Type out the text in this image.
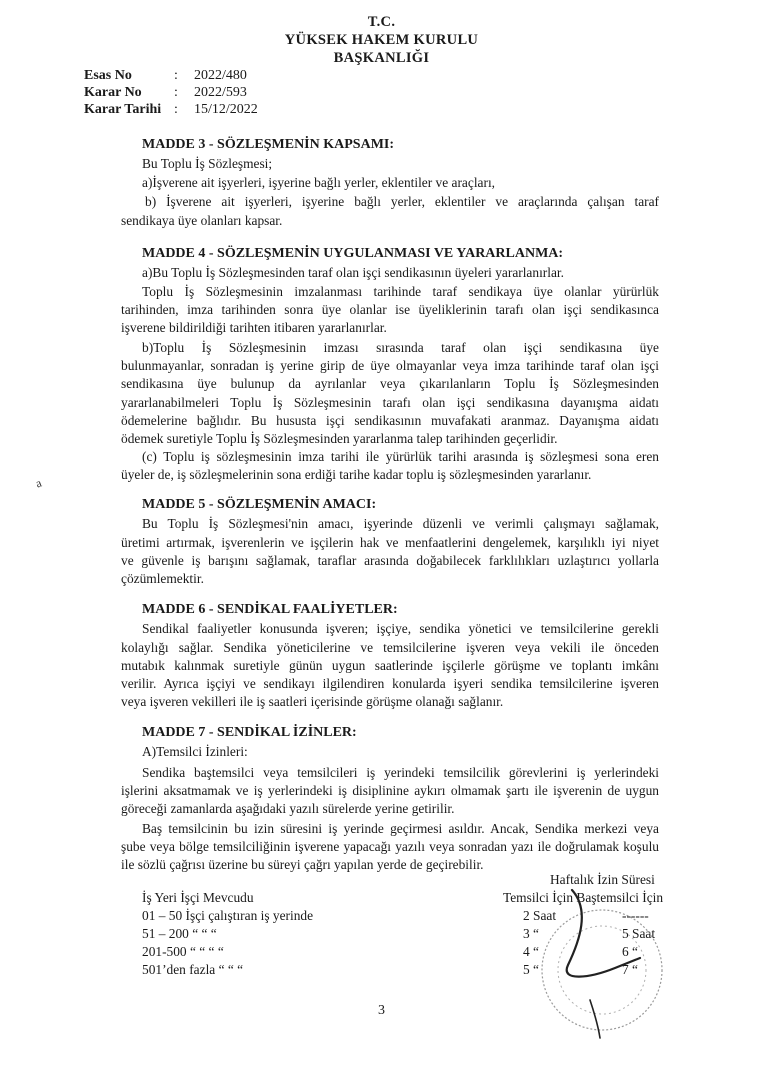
T.C.
YÜKSEK HAKEM KURULU
BAŞKANLIĞI
Esas No	: 2022/480
Karar No : 2022/593
Karar Tarihi : 15/12/2022
MADDE 3 - SÖZLEŞMENİN KAPSAMI:
Bu Toplu İş Sözleşmesi;
a)İşverene ait işyerleri, işyerine bağlı yerler, eklentiler ve araçları,
b) İşverene ait işyerleri, işyerine bağlı yerler, eklentiler ve araçlarında çalışan taraf
sendikaya üye olanları kapsar.
MADDE 4 - SÖZLEŞMENİN UYGULANMASI VE YARARLANMA:
a)Bu Toplu İş Sözleşmesinden taraf olan işçi sendikasının üyeleri yararlanırlar.
Toplu İş Sözleşmesinin imzalanması tarihinde taraf sendikaya üye olanlar yürürlük
tarihinden, imza tarihinden sonra üye olanlar ise üyeliklerinin tarafı olan işçi sendikasınca
işverene bildirildiği tarihten itibaren yararlanırlar.
b)Toplu İş Sözleşmesinin imzası sırasında taraf olan işçi sendikasına üye
bulunmayanlar, sonradan iş yerine girip de üye olmayanlar veya imza tarihinde taraf olan işçi
sendikasına üye bulunup da ayrılanlar veya çıkarılanların Toplu İş Sözleşmesinden
yararlanabilmeleri Toplu İş Sözleşmesinin tarafı olan işçi sendikasına dayanışma aidatı
ödemelerine bağlıdır. Bu hususta işçi sendikasının muvafakati aranmaz. Dayanışma aidatı
ödemek suretiyle Toplu İş Sözleşmesinden yararlanma talep tarihinden geçerlidir.
(c) Toplu iş sözleşmesinin imza tarihi ile yürürlük tarihi arasında iş sözleşmesi sona eren
üyeler de, iş sözleşmelerinin sona erdiği tarihe kadar toplu iş sözleşmesinden yararlanır.
a
MADDE 5 - SÖZLEŞMENİN AMACI:
Bu Toplu İş Sözleşmesi'nin amacı, işyerinde düzenli ve verimli çalışmayı sağlamak,
üretimi artırmak, işverenlerin ve işçilerin hak ve menfaatlerini dengelemek, karşılıklı iyi niyet
ve güvenle iş barışını sağlamak, taraflar arasında doğabilecek farklılıkları uzlaştırıcı yollarla
çözümlemektir.
MADDE 6 - SENDİKAL FAALİYETLER:
Sendikal faaliyetler konusunda işveren; işçiye, sendika yönetici ve temsilcilerine gerekli
kolaylığı sağlar. Sendika yöneticilerine ve temsilcilerine işveren veya vekili ile önceden
mutabık kalınmak suretiyle günün uygun saatlerinde işçilerle görüşme ve toplantı imkânı
verilir. Ayrıca işçiyi ve sendikayı ilgilendiren konularda işyeri sendika temsilcilerine işveren
veya işveren vekilleri ile iş saatleri içerisinde görüşme olanağı sağlanır.
MADDE 7 - SENDİKAL İZİNLER:
A)Temsilci İzinleri:
Sendika baştemsilci veya temsilcileri iş yerindeki temsilcilik görevlerini iş yerlerindeki
işlerini aksatmamak ve iş yerlerindeki iş disiplinine aykırı olmamak şartı ile işverenin de uygun
göreceği zamanlarda aşağıdaki yazılı sürelerde yerine getirilir.
Baş temsilcinin bu izin süresini iş yerinde geçirmesi asıldır. Ancak, Sendika merkezi veya
şube veya bölge temsilciliğinin işverene yapacağı yazılı veya sonradan yazı ile doğrulamak koşulu
ile sözlü çağrısı üzerine bu süreyi çağrı yapılan yerde de geçirebilir.
Haftalık İzin Süresi
İş Yeri İşçi Mevcudu	Temsilci İçin Baştemsilci İçin
01 – 50 İşçi çalıştıran iş yerinde	2 Saat	------
51 – 200 “ “ “	3 “	5 Saat
201-500 “ “ “ “	4 “	6 “
501’den fazla “ “ “	5 “	7 “
3
